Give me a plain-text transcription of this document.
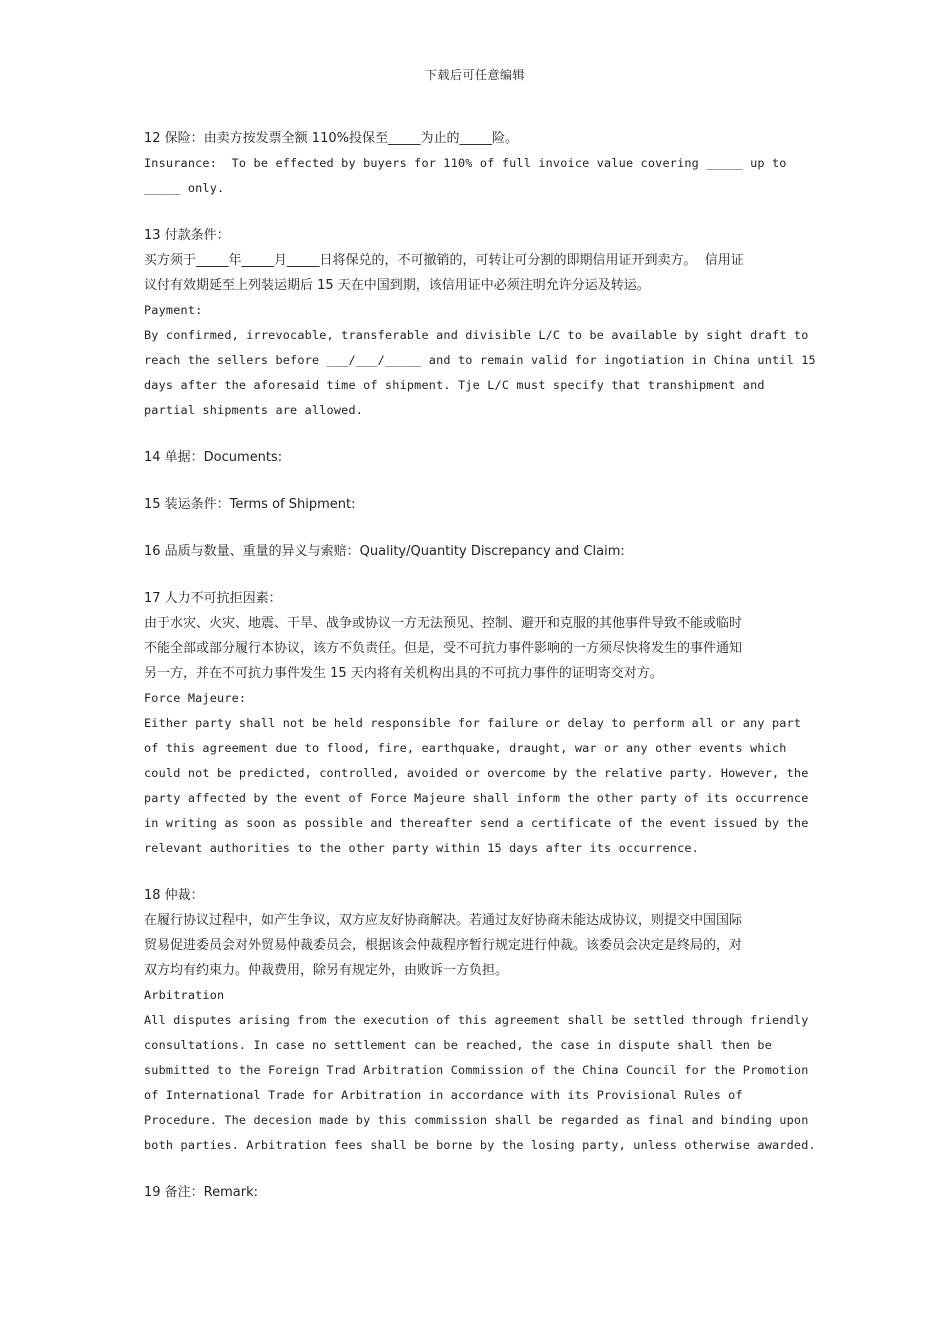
下载后可任意编辑
12 保险：由卖方按发票全额 110%投保至_____为止的_____险。
Insurance:  To be effected by buyers for 110% of full invoice value covering _____ up to
_____ only.
13 付款条件：
买方须于_____年_____月_____日将保兑的，不可撤销的，可转让可分割的即期信用证开到卖方。  信用证
议付有效期延至上列装运期后 15 天在中国到期，该信用证中必须注明允许分运及转运。
Payment:
By confirmed, irrevocable, transferable and divisible L/C to be available by sight draft to
reach the sellers before ___/___/_____ and to remain valid for ingotiation in China until 15
days after the aforesaid time of shipment. Tje L/C must specify that transhipment and
partial shipments are allowed.
14 单据：Documents:
15 装运条件：Terms of Shipment:
16 品质与数量、重量的异义与索赔：Quality/Quantity Discrepancy and Claim:
17 人力不可抗拒因素：
由于水灾、火灾、地震、干旱、战争或协议一方无法预见、控制、避开和克服的其他事件导致不能或临时
不能全部或部分履行本协议，该方不负责任。但是，受不可抗力事件影响的一方须尽快将发生的事件通知
另一方，并在不可抗力事件发生 15 天内将有关机构出具的不可抗力事件的证明寄交对方。
Force Majeure:
Either party shall not be held responsible for failure or delay to perform all or any part
of this agreement due to flood, fire, earthquake, draught, war or any other events which
could not be predicted, controlled, avoided or overcome by the relative party. However, the
party affected by the event of Force Majeure shall inform the other party of its occurrence
in writing as soon as possible and thereafter send a certificate of the event issued by the
relevant authorities to the other party within 15 days after its occurrence.
18 仲裁：
在履行协议过程中，如产生争议，双方应友好协商解决。若通过友好协商未能达成协议，则提交中国国际
贸易促进委员会对外贸易仲裁委员会，根据该会仲裁程序暂行规定进行仲裁。该委员会决定是终局的，对
双方均有约束力。仲裁费用，除另有规定外，由败诉一方负担。
Arbitration
All disputes arising from the execution of this agreement shall be settled through friendly
consultations. In case no settlement can be reached, the case in dispute shall then be
submitted to the Foreign Trad Arbitration Commission of the China Council for the Promotion
of International Trade for Arbitration in accordance with its Provisional Rules of
Procedure. The decesion made by this commission shall be regarded as final and binding upon
both parties. Arbitration fees shall be borne by the losing party, unless otherwise awarded.
19 备注：Remark:
